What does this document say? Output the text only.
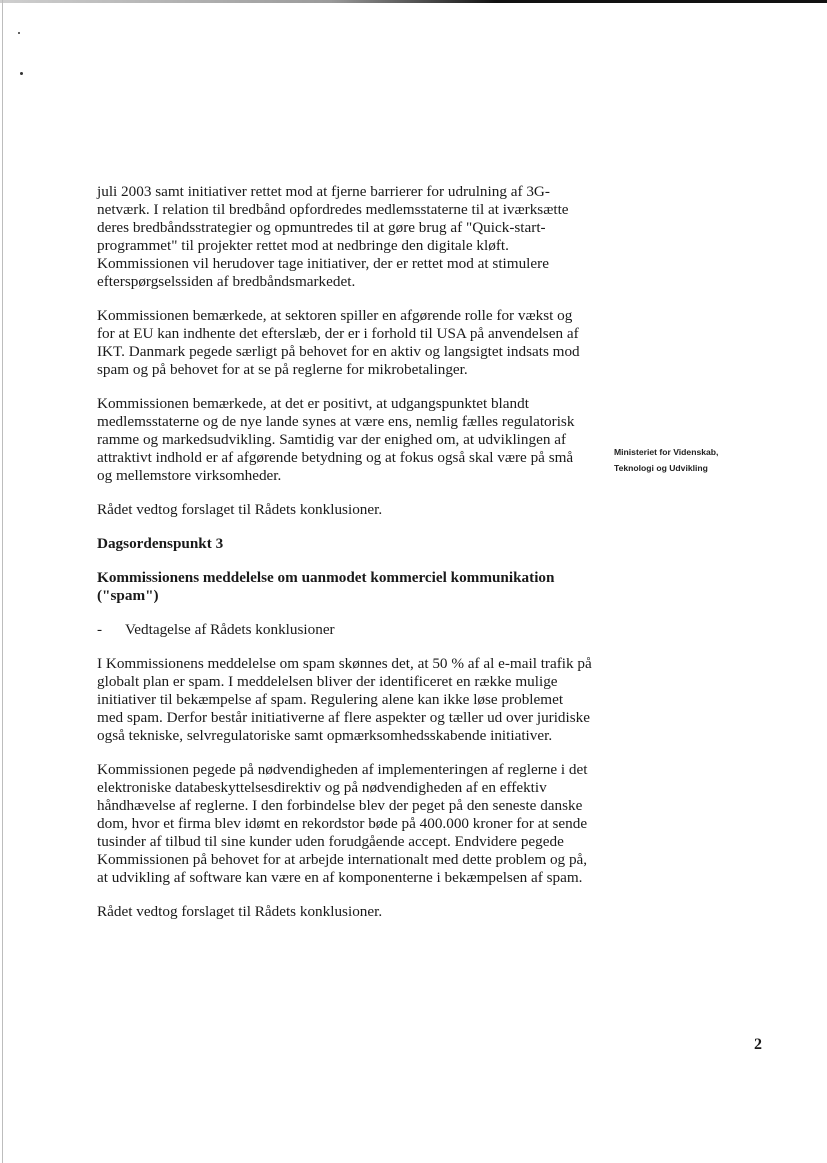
juli 2003 samt initiativer rettet mod at fjerne barrierer for udrulning af 3G-netværk. I relation til bredbånd opfordredes medlemsstaterne til at iværksætte deres bredbåndsstrategier og opmuntredes til at gøre brug af "Quick-start-programmet" til projekter rettet mod at nedbringe den digitale kløft. Kommissionen vil herudover tage initiativer, der er rettet mod at stimulere efterspørgselssiden af bredbåndsmarkedet.

Kommissionen bemærkede, at sektoren spiller en afgørende rolle for vækst og for at EU kan indhente det efterslæb, der er i forhold til USA på anvendelsen af IKT. Danmark pegede særligt på behovet for en aktiv og langsigtet indsats mod spam og på behovet for at se på reglerne for mikrobetalinger.

Kommissionen bemærkede, at det er positivt, at udgangspunktet blandt medlemsstaterne og de nye lande synes at være ens, nemlig fælles regulatorisk ramme og markedsudvikling. Samtidig var der enighed om, at udviklingen af attraktivt indhold er af afgørende betydning og at fokus også skal være på små og mellemstore virksomheder.

Rådet vedtog forslaget til Rådets konklusioner.

Dagsordenspunkt 3

Kommissionens meddelelse om uanmodet kommerciel kommunikation ("spam")

-	Vedtagelse af Rådets konklusioner

I Kommissionens meddelelse om spam skønnes det, at 50 % af al e-mail trafik på globalt plan er spam. I meddelelsen bliver der identificeret en række mulige initiativer til bekæmpelse af spam. Regulering alene kan ikke løse problemet med spam. Derfor består initiativerne af flere aspekter og tæller ud over juridiske også tekniske, selvregulatoriske samt opmærksomhedsskabende initiativer.

Kommissionen pegede på nødvendigheden af implementeringen af reglerne i det elektroniske databeskyttelsesdirektiv og på nødvendigheden af en effektiv håndhævelse af reglerne. I den forbindelse blev der peget på den seneste danske dom, hvor et firma blev idømt en rekordstor bøde på 400.000 kroner for at sende tusinder af tilbud til sine kunder uden forudgående accept. Endvidere pegede Kommissionen på behovet for at arbejde internationalt med dette problem og på, at udvikling af software kan være en af komponenterne i bekæmpelsen af spam.

Rådet vedtog forslaget til Rådets konklusioner.

Ministeriet for Videnskab,
Teknologi og Udvikling
2
